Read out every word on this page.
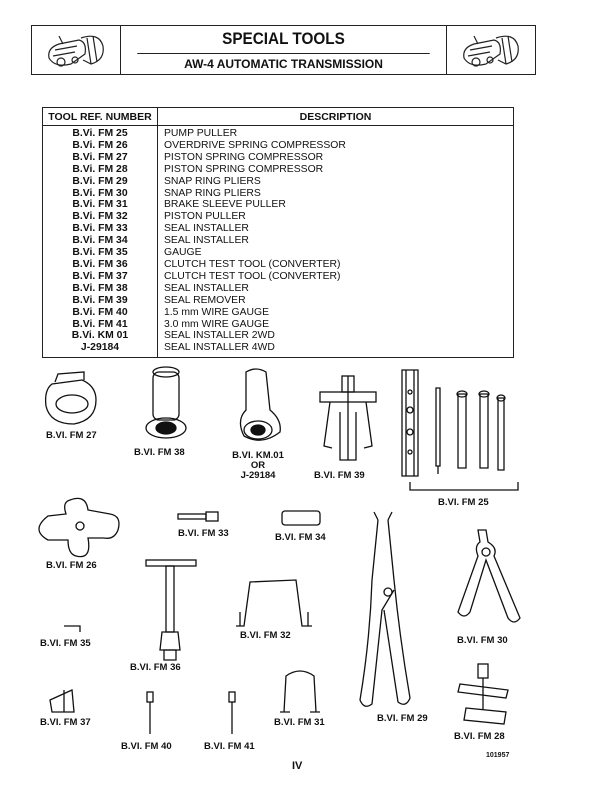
SPECIAL TOOLS
AW-4 AUTOMATIC TRANSMISSION
TOOL REF. NUMBER	DESCRIPTION
B.Vi. FM 25	PUMP PULLER
B.Vi. FM 26	OVERDRIVE SPRING COMPRESSOR
B.Vi. FM 27	PISTON SPRING COMPRESSOR
B.Vi. FM 28	PISTON SPRING COMPRESSOR
B.Vi. FM 29	SNAP RING PLIERS
B.Vi. FM 30	SNAP RING PLIERS
B.Vi. FM 31	BRAKE SLEEVE PULLER
B.Vi. FM 32	PISTON PULLER
B.Vi. FM 33	SEAL INSTALLER
B.Vi. FM 34	SEAL INSTALLER
B.Vi. FM 35	GAUGE
B.Vi. FM 36	CLUTCH TEST TOOL (CONVERTER)
B.Vi. FM 37	CLUTCH TEST TOOL (CONVERTER)
B.Vi. FM 38	SEAL INSTALLER
B.Vi. FM 39	SEAL REMOVER
B.Vi. FM 40	1.5 mm WIRE GAUGE
B.Vi. FM 41	3.0 mm WIRE GAUGE
B.Vi. KM 01	SEAL INSTALLER 2WD
J-29184	SEAL INSTALLER 4WD
B.VI. FM 27
B.VI. FM 38	B.VI. KM.01
OR
J-29184	B.VI. FM 39
B.VI. FM 25
B.VI. FM 33	B.VI. FM 34
B.VI. FM 26
B.VI. FM 35
B.VI. FM 36
B.VI. FM 32	B.VI. FM 30
B.VI. FM 29
B.VI. FM 37	B.VI. FM 31
B.VI. FM 28
B.VI. FM 40	B.VI. FM 41
IV
101957
